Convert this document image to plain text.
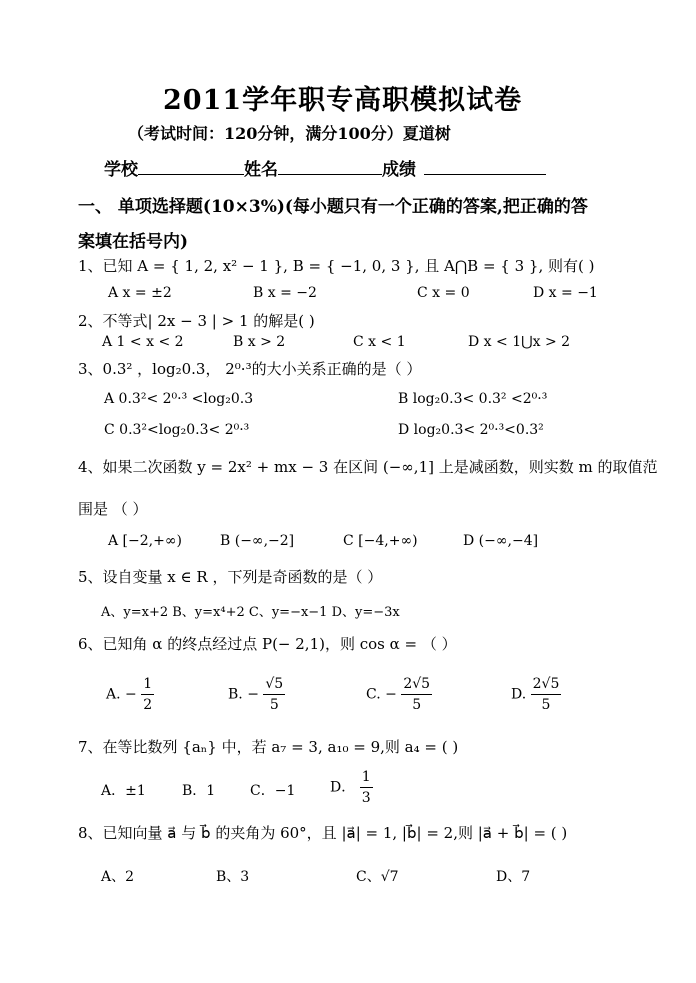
2011学年职专高职模拟试卷
（考试时间：120分钟，满分100分）夏道树
学校	姓名	成绩
一、 单项选择题(10×3%)(每小题只有一个正确的答案,把正确的答
案填在括号内)
1、已知 A = { 1, 2, x² − 1 }, B = { −1, 0, 3 }, 且 A⋂B = { 3 }, 则有( )
A x = ±2	B x = −2	C x = 0	D x = −1
2、不等式| 2x − 3 | > 1 的解是( )
A 1 < x < 2	B x > 2	C x < 1	D x < 1⋃x > 2
3、0.3² ，log₂0.3， 2⁰·³的大小关系正确的是（ ）
A 0.3²< 2⁰·³ <log₂0.3	B log₂0.3< 0.3² <2⁰·³
C 0.3²<log₂0.3< 2⁰·³	D log₂0.3< 2⁰·³<0.3²
4、如果二次函数 y = 2x² + mx − 3 在区间 (−∞,1] 上是减函数，则实数 m 的取值范
围是 （ ）
A [−2,+∞)	B (−∞,−2]	C [−4,+∞)	D (−∞,−4]
5、设自变量 x ∈ R ，下列是奇函数的是（ ）
A、y=x+2 B、y=x⁴+2 C、y=−x−1 D、y=−3x
6、已知角 α 的终点经过点 P(− 2,1)，则 cos α = （ ）
A. − $\frac{1}{2}$	B. − $\frac{√5}{5}$	C. − $\frac{2√5}{5}$	D. $\frac{2√5}{5}$
7、在等比数列 {aₙ} 中，若 a₇ = 3, a₁₀ = 9,则 a₄ = ( )
A．±1	B．1 C．−1 D． $\frac{1}{3}$
8、已知向量 a⃗ 与 b⃗ 的夹角为 60°，且 |a⃗| = 1, |b⃗| = 2,则 |a⃗ + b⃗| = ( )
A、2	B、3	C、√7	D、7
